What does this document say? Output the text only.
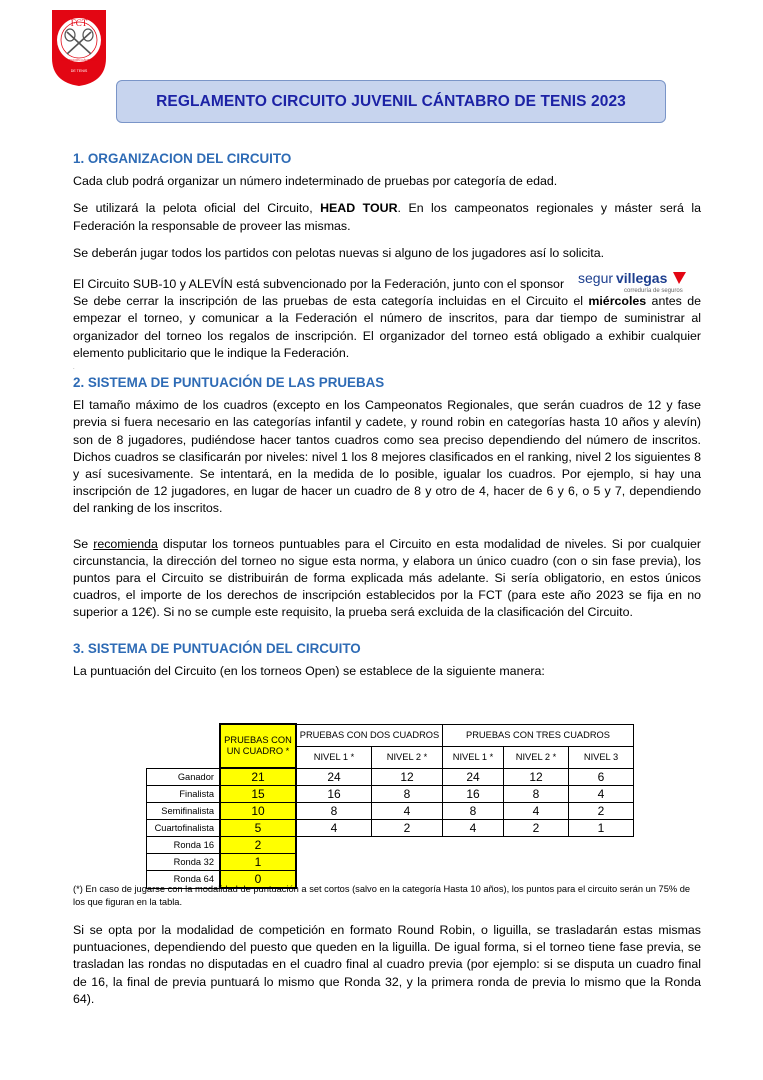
FCT
FEDERACIÓN CÁNTABRA
DE TENIS
REGLAMENTO CIRCUITO JUVENIL CÁNTABRO DE TENIS 2023
1. ORGANIZACION DEL CIRCUITO

Cada club podrá organizar un número indeterminado de pruebas por categoría de edad.

Se utilizará la pelota oficial del Circuito, HEAD TOUR. En los campeonatos regionales y máster será la Federación la responsable de proveer las mismas.

Se deberán jugar todos los partidos con pelotas nuevas si alguno de los jugadores así lo solicita.

El Circuito SUB-10 y ALEVÍN está subvencionado por la Federación, junto con el sponsor segur villegas
correduría de seguros

Se debe cerrar la inscripción de las pruebas de esta categoría incluidas en el Circuito el miércoles antes de empezar el torneo, y comunicar a la Federación el número de inscritos, para dar tiempo de suministrar al organizador del torneo los regalos de inscripción. El organizador del torneo está obligado a exhibir cualquier elemento publicitario que le indique la Federación.

.
2. SISTEMA DE PUNTUACIÓN DE LAS PRUEBAS

El tamaño máximo de los cuadros (excepto en los Campeonatos Regionales, que serán cuadros de 12 y fase previa si fuera necesario en las categorías infantil y cadete, y round robin en categorías hasta 10 años y alevín) son de 8 jugadores, pudiéndose hacer tantos cuadros como sea preciso dependiendo del número de inscritos. Dichos cuadros se clasificarán por niveles: nivel 1 los 8 mejores clasificados en el ranking, nivel 2 los siguientes 8 y así sucesivamente. Se intentará, en la medida de lo posible, igualar los cuadros. Por ejemplo, si hay una inscripción de 12 jugadores, en lugar de hacer un cuadro de 8 y otro de 4, hacer de 6 y 6, o 5 y 7, dependiendo del ranking de los inscritos.

Se recomienda disputar los torneos puntuables para el Circuito en esta modalidad de niveles. Si por cualquier circunstancia, la dirección del torneo no sigue esta norma, y elabora un único cuadro (con o sin fase previa), los puntos para el Circuito se distribuirán de forma explicada más adelante. Si sería obligatorio, en estos únicos cuadros, el importe de los derechos de inscripción establecidos por la FCT (para este año 2023 se fija en no superior a 12€). Si no se cumple este requisito, la prueba será excluida de la clasificación del Circuito.

3. SISTEMA DE PUNTUACIÓN DEL CIRCUITO

La puntuación del Circuito (en los torneos Open) se establece de la siguiente manera:

	PRUEBAS CON UN CUADRO *	PRUEBAS CON DOS CUADROS		PRUEBAS CON TRES CUADROS		
		NIVEL 1 *	NIVEL 2 *	NIVEL 1 *	NIVEL 2 *	NIVEL 3
Ganador	21	24	12	24	12	6
Finalista	15	16	8	16	8	4
Semifinalista	10	8	4	8	4	2
Cuartofinalista	5	4	2	4	2	1
Ronda 16	2					
Ronda 32	1					
Ronda 64	0					
(*) En caso de jugarse con la modalidad de puntuación a set cortos (salvo en la categoría Hasta 10 años), los puntos para el circuito serán un 75% de los que figuran en la tabla.
Si se opta por la modalidad de competición en formato Round Robin, o liguilla, se trasladarán estas mismas puntuaciones, dependiendo del puesto que queden en la liguilla. De igual forma, si el torneo tiene fase previa, se trasladan las rondas no disputadas en el cuadro final al cuadro previa (por ejemplo: si se disputa un cuadro final de 16, la final de previa puntuará lo mismo que Ronda 32, y la primera ronda de previa lo mismo que la Ronda 64).
